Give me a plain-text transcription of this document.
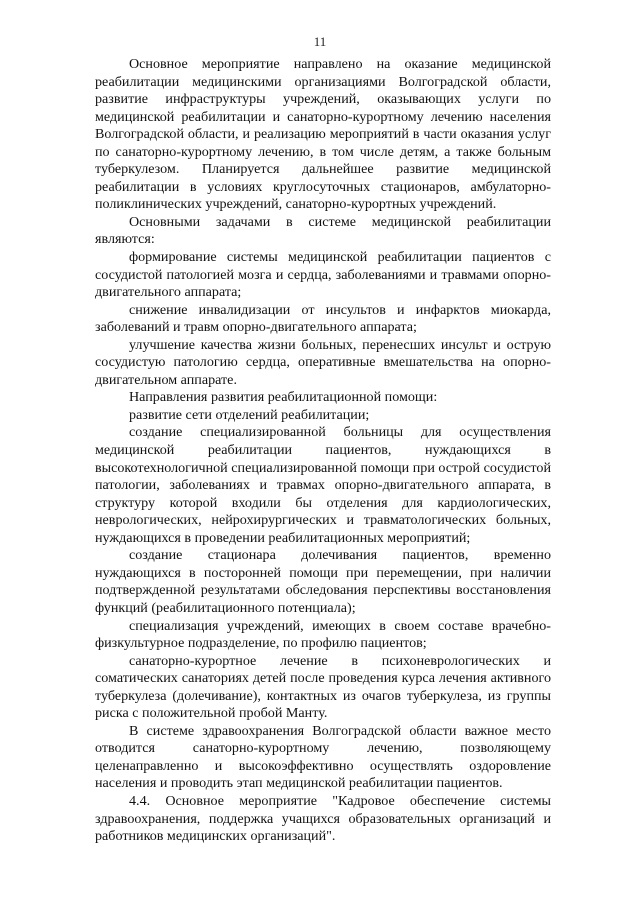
11

Основное мероприятие направлено на оказание медицинской реабилитации медицинскими организациями Волгоградской области, развитие инфраструктуры учреждений, оказывающих услуги по медицинской реабилитации и санаторно-курортному лечению населения Волгоградской области, и реализацию мероприятий в части оказания услуг по санаторно-курортному лечению, в том числе детям, а также больным туберкулезом. Планируется дальнейшее развитие медицинской реабилитации в условиях круглосуточных стационаров, амбулаторно-поликлинических учреждений, санаторно-курортных учреждений.

Основными задачами в системе медицинской реабилитации являются:

формирование системы медицинской реабилитации пациентов с сосудистой патологией мозга и сердца, заболеваниями и травмами опорно-двигательного аппарата;

снижение инвалидизации от инсультов и инфарктов миокарда, заболеваний и травм опорно-двигательного аппарата;

улучшение качества жизни больных, перенесших инсульт и острую сосудистую патологию сердца, оперативные вмешательства на опорно-двигательном аппарате.

Направления развития реабилитационной помощи:

развитие сети отделений реабилитации;

создание специализированной больницы для осуществления медицинской реабилитации пациентов, нуждающихся в высокотехнологичной специализированной помощи при острой сосудистой патологии, заболеваниях и травмах опорно-двигательного аппарата, в структуру которой входили бы отделения для кардиологических, неврологических, нейрохирургических и травматологических больных, нуждающихся в проведении реабилитационных мероприятий;

создание стационара долечивания пациентов, временно нуждающихся в посторонней помощи при перемещении, при наличии подтвержденной результатами обследования перспективы восстановления функций (реабилитационного потенциала);

специализация учреждений, имеющих в своем составе врачебно-физкультурное подразделение, по профилю пациентов;

санаторно-курортное лечение в психоневрологических и соматических санаториях детей после проведения курса лечения активного туберкулеза (долечивание), контактных из очагов туберкулеза, из группы риска с положительной пробой Манту.

В системе здравоохранения Волгоградской области важное место отводится санаторно-курортному лечению, позволяющему целенаправленно и высокоэффективно осуществлять оздоровление населения и проводить этап медицинской реабилитации пациентов.

4.4. Основное мероприятие "Кадровое обеспечение системы здравоохранения, поддержка учащихся образовательных организаций и работников медицинских организаций".
